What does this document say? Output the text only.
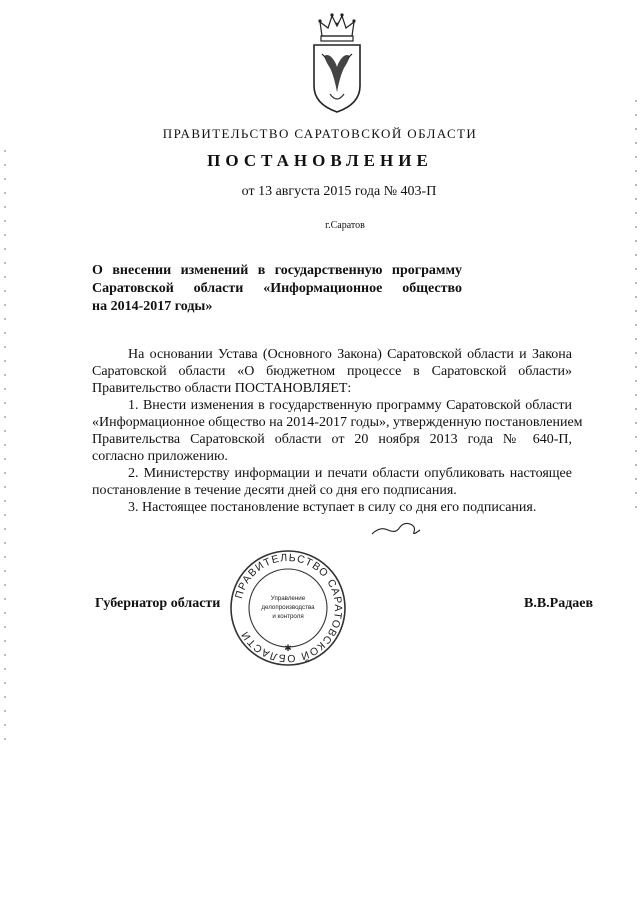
ПРАВИТЕЛЬСТВО САРАТОВСКОЙ ОБЛАСТИ
ПОСТАНОВЛЕНИЕ
от 13 августа 2015 года № 403-П
г.Саратов
О внесении изменений в государственную программу
Саратовской области «Информационное общество
на 2014-2017 годы»
На основании Устава (Основного Закона) Саратовской области и Закона
Саратовской области «О бюджетном процессе в Саратовской области»
Правительство области ПОСТАНОВЛЯЕТ:
1. Внести изменения в государственную программу Саратовской области
«Информационное общество на 2014-2017 годы», утвержденную постановлением
Правительства Саратовской области от 20 ноября 2013 года № 640-П,
согласно приложению.
2. Министерству информации и печати области опубликовать настоящее
постановление в течение десяти дней со дня его подписания.
3. Настоящее постановление вступает в силу со дня его подписания.
Губернатор области	В.В.Радаев
ПРАВИТЕЛЬСТВО САРАТОВСКОЙ ОБЛАСТИ
Управление
делопроизводства
и контроля
✱
